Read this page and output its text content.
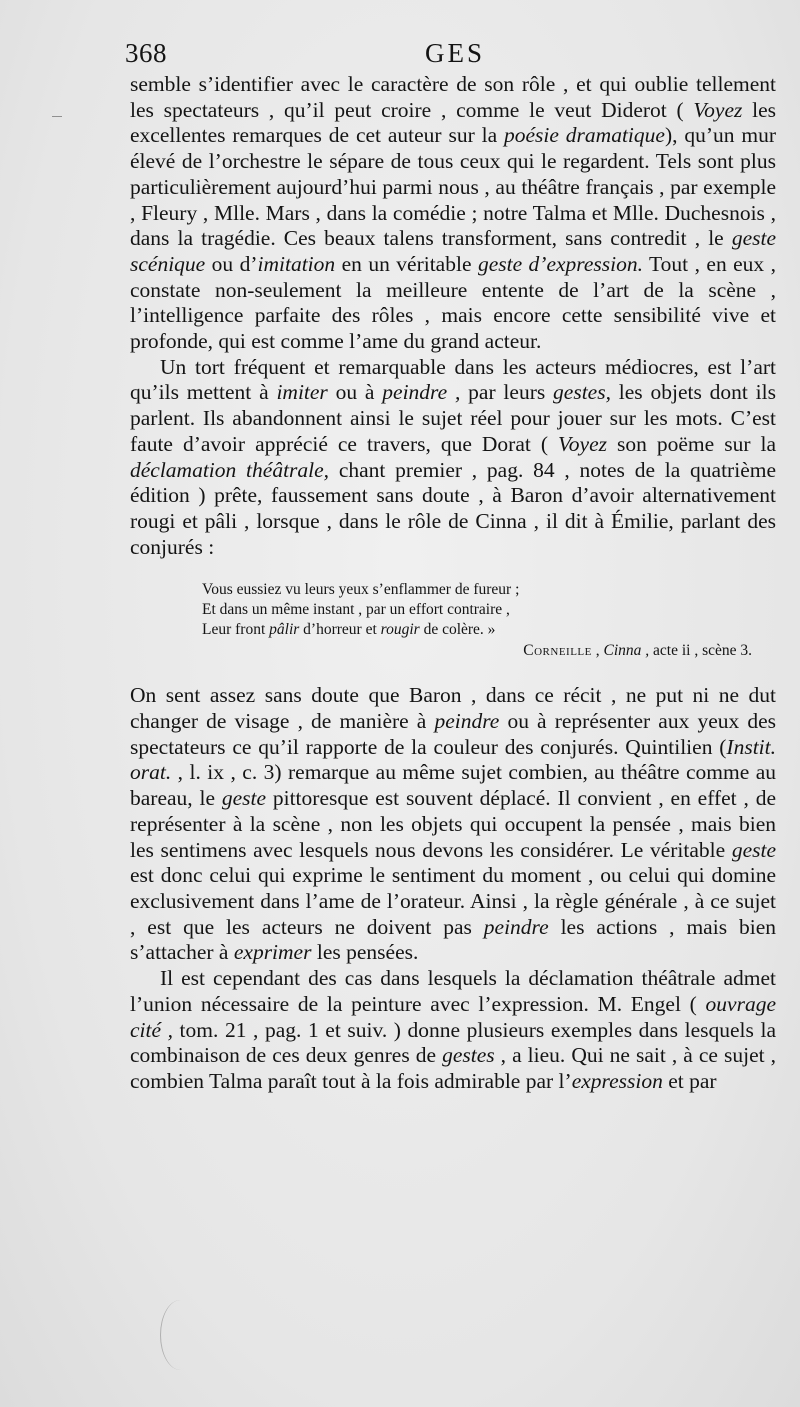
368	GES

semble s’identifier avec le caractère de son rôle , et qui oublie tellement les spectateurs , qu’il peut croire , comme le veut Diderot ( Voyez les excellentes remarques de cet auteur sur la poésie dramatique), qu’un mur élevé de l’orchestre le sépare de tous ceux qui le regardent. Tels sont plus particulièrement aujourd’hui parmi nous , au théâtre français , par exemple , Fleury , Mlle. Mars , dans la comédie ; notre Talma et Mlle. Duchesnois , dans la tragédie. Ces beaux talens transforment, sans contredit , le geste scénique ou d’imitation en un véritable geste d’expression. Tout , en eux , constate non-seulement la meilleure entente de l’art de la scène , l’intelligence parfaite des rôles , mais encore cette sensibilité vive et profonde, qui est comme l’ame du grand acteur.

Un tort fréquent et remarquable dans les acteurs médiocres, est l’art qu’ils mettent à imiter ou à peindre , par leurs gestes, les objets dont ils parlent. Ils abandonnent ainsi le sujet réel pour jouer sur les mots. C’est faute d’avoir apprécié ce travers, que Dorat ( Voyez son poëme sur la déclamation théâtrale, chant premier , pag. 84 , notes de la quatrième édition ) prête, faussement sans doute , à Baron d’avoir alternativement rougi et pâli , lorsque , dans le rôle de Cinna , il dit à Émilie, parlant des conjurés :

Vous eussiez vu leurs yeux s’enflammer de fureur ;
Et dans un même instant , par un effort contraire ,
Leur front pâlir d’horreur et rougir de colère. »
Corneille , Cinna , acte ii , scène 3.

On sent assez sans doute que Baron , dans ce récit , ne put ni ne dut changer de visage , de manière à peindre ou à représenter aux yeux des spectateurs ce qu’il rapporte de la couleur des conjurés. Quintilien (Instit. orat. , l. ix , c. 3) remarque au même sujet combien, au théâtre comme au bareau, le geste pittoresque est souvent déplacé. Il convient , en effet , de représenter à la scène , non les objets qui occupent la pensée , mais bien les sentimens avec lesquels nous devons les considérer. Le véritable geste est donc celui qui exprime le sentiment du moment , ou celui qui domine exclusivement dans l’ame de l’orateur. Ainsi , la règle générale , à ce sujet , est que les acteurs ne doivent pas peindre les actions , mais bien s’attacher à exprimer les pensées.

Il est cependant des cas dans lesquels la déclamation théâtrale admet l’union nécessaire de la peinture avec l’expression. M. Engel ( ouvrage cité , tom. 21 , pag. 1 et suiv. ) donne plusieurs exemples dans lesquels la combinaison de ces deux genres de gestes , a lieu. Qui ne sait , à ce sujet , combien Talma paraît tout à la fois admirable par l’expression et par
